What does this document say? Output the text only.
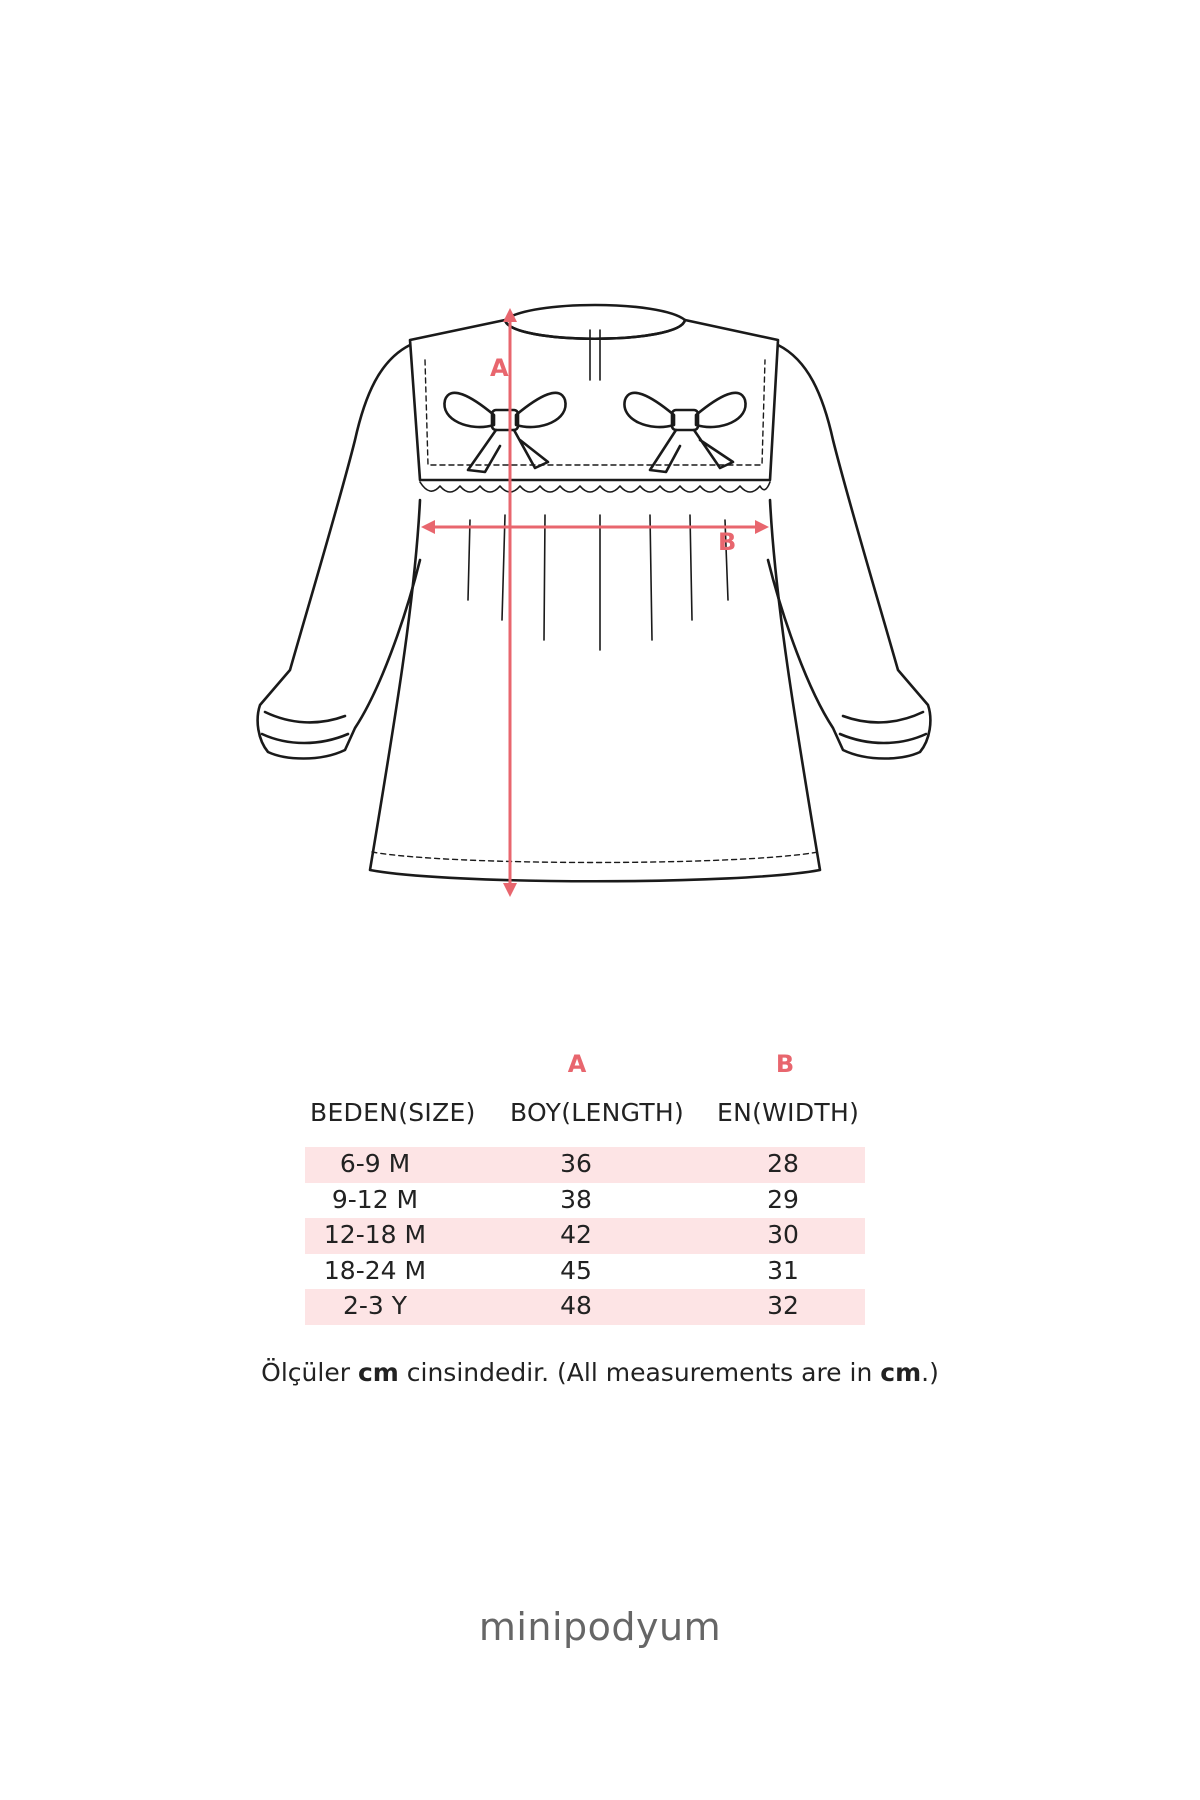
A
B
A	B
BEDEN(SIZE) BOY(LENGTH) EN(WIDTH)
6-9 M	36	28
9-12 M	38	29
12-18 M	42	30
18-24 M	45	31
2-3 Y	48	32
Ölçüler cm cinsindedir. (All measurements are in cm.)
minipodyum
